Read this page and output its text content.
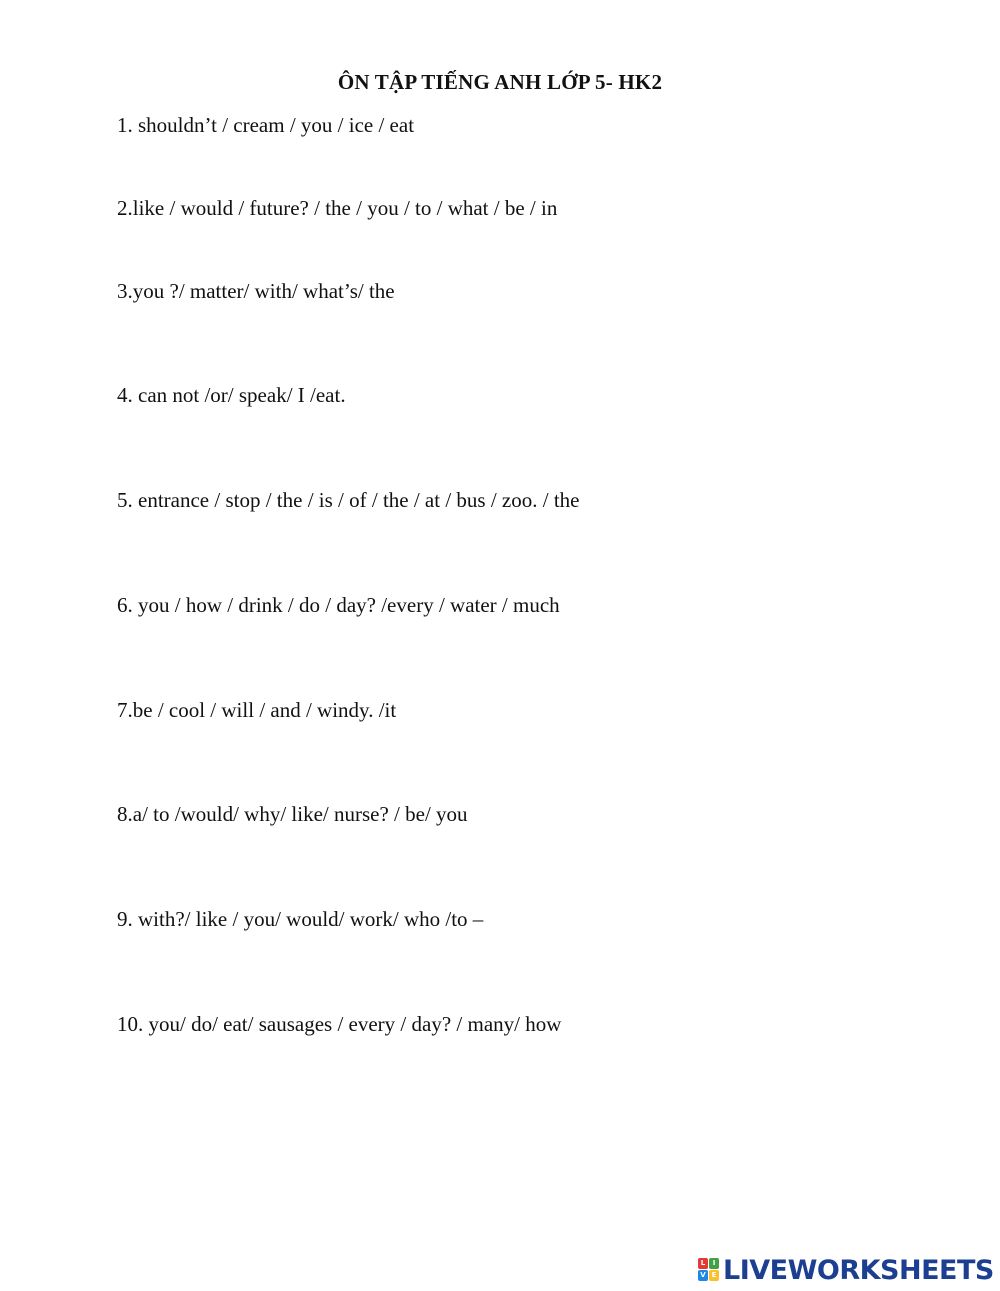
ÔN TẬP TIẾNG ANH LỚP 5- HK2
1. shouldn’t / cream / you / ice / eat
2.like / would / future? / the / you / to / what / be / in
3.you ?/ matter/ with/ what’s/ the
4. can not /or/ speak/ I /eat.
5. entrance / stop / the / is / of / the / at / bus / zoo. / the
6. you / how / drink / do / day? /every / water / much
7.be / cool / will / and / windy. /it
8.a/ to /would/ why/ like/ nurse? / be/ you
9. with?/ like / you/ would/ work/ who /to –
10. you/ do/ eat/ sausages / every / day? / many/ how
L	I
V E LIVEWORKSHEETS
